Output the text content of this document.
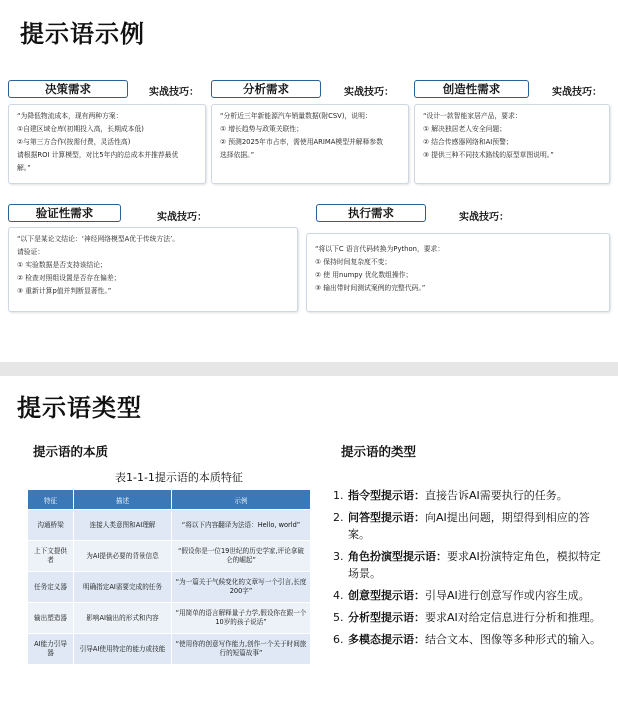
提示语示例
决策需求	实战技巧：
“为降低物流成本，现有两种方案：
①自建区域仓库(初期投入高，长期成本低)
②与第三方合作(按需付费，灵活性高)
请根据ROI 计算模型，对比5年内的总成本并推荐最优
解。”
分析需求	实战技巧：
“分析近三年新能源汽车销量数据(附CSV)，说明：
① 增长趋势与政策关联性；
② 预测2025年市占率，需使用ARIMA模型并解释参数
选择依据。”
创造性需求	实战技巧：
“设计一款智能家居产品，要求：
① 解决独居老人安全问题；
② 结合传感器网络和AI预警；
③ 提供三种不同技术路线的原型草图说明。”
验证性需求	实战技巧：
“以下是某论文结论：‘神经网络模型A优于传统方法’。
请验证：
① 实验数据是否支持该结论；
② 检查对照组设置是否存在偏差；
③ 重新计算p值并判断显著性。”
执行需求	实战技巧：
“将以下C 语言代码转换为Python，要求：
① 保持时间复杂度不变；
② 使 用numpy 优化数组操作；
③ 输出带时间测试案例的完整代码。”
提示语类型
提示语的本质
表1-1-1提示语的本质特征
特征	描述	示例
沟通桥梁	连接人类意图和AI理解	“将以下内容翻译为法语：Hello, world”
上下文提供者	为AI提供必要的背景信息	“假设你是一位19世纪的历史学家,评论拿破仑的崛起”
任务定义器	明确指定AI需要完成的任务	“为一篇关于气候变化的文章写一个引言,长度200字”
输出塑造器	影响AI输出的形式和内容	“用简单的语言解释量子力学,假设你在跟一个10岁的孩子说话”
AI能力引导器	引导AI使用特定的能力或技能	“使用你的创意写作能力,创作一个关于时间旅行的短篇故事”
提示语的类型
1. 指令型提示语：直接告诉AI需要执行的任务。
2. 问答型提示语：向AI提出问题，期望得到相应的答案。
3. 角色扮演型提示语：要求AI扮演特定角色，模拟特定场景。
4. 创意型提示语：引导AI进行创意写作或内容生成。
5. 分析型提示语：要求AI对给定信息进行分析和推理。
6. 多模态提示语：结合文本、图像等多种形式的输入。
